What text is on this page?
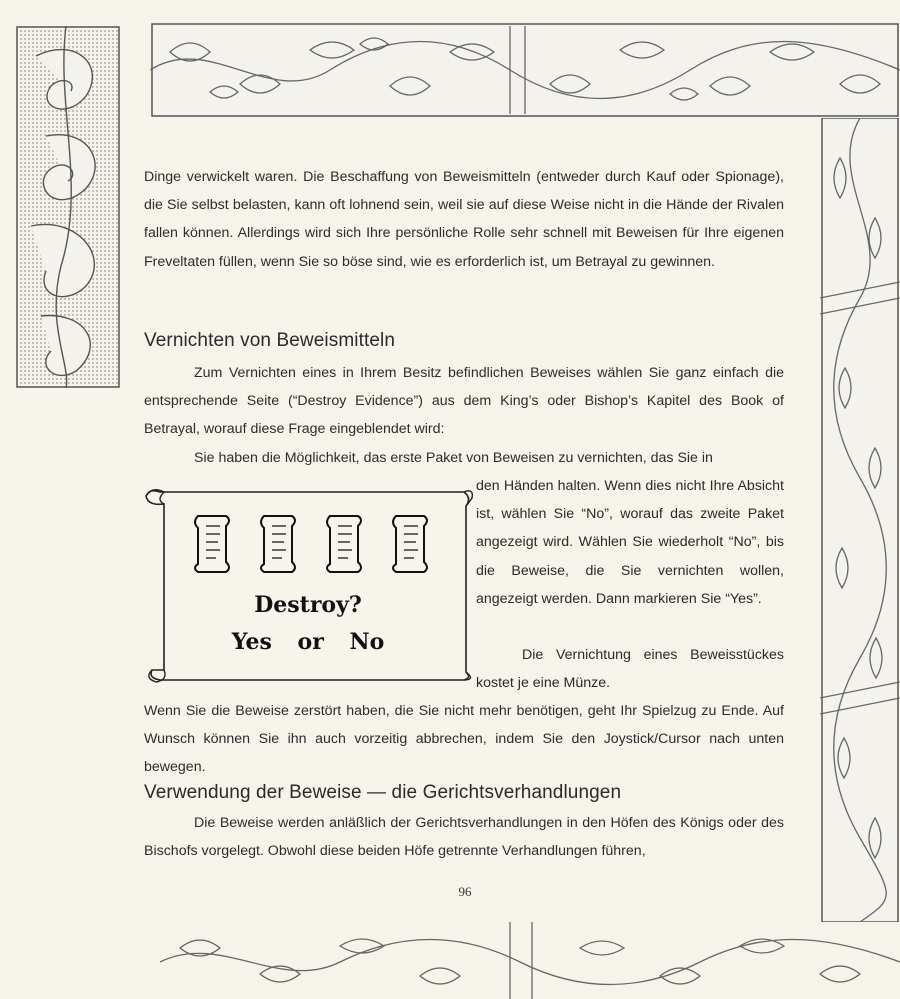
Dinge verwickelt waren. Die Beschaffung von Beweismitteln (entweder durch Kauf oder Spionage), die Sie selbst belasten, kann oft lohnend sein, weil sie auf diese Weise nicht in die Hände der Rivalen fallen können. Allerdings wird sich Ihre persönliche Rolle sehr schnell mit Beweisen für Ihre eigenen Freveltaten füllen, wenn Sie so böse sind, wie es erforderlich ist, um Betrayal zu gewinnen.

Vernichten von Beweismitteln

Zum Vernichten eines in Ihrem Besitz befindlichen Beweises wählen Sie ganz einfach die entsprechende Seite (“Destroy Evidence”) aus dem King’s oder Bishop’s Kapitel des Book of Betrayal, worauf diese Frage eingeblendet wird:

Sie haben die Möglichkeit, das erste Paket von Beweisen zu vernichten, das Sie in

Destroy?
Yes or No

den Händen halten. Wenn dies nicht Ihre Absicht ist, wählen Sie “No”, worauf das zweite Paket angezeigt wird. Wählen Sie wiederholt “No”, bis die Beweise, die Sie vernichten wollen, angezeigt werden. Dann markieren Sie “Yes”.

Die Vernichtung eines Beweisstückes kostet je eine Münze.

Wenn Sie die Beweise zerstört haben, die Sie nicht mehr benötigen, geht Ihr Spielzug zu Ende. Auf Wunsch können Sie ihn auch vorzeitig abbrechen, indem Sie den Joystick/Cursor nach unten bewegen.

Verwendung der Beweise — die Gerichtsverhandlungen

Die Beweise werden anläßlich der Gerichtsverhandlungen in den Höfen des Königs oder des Bischofs vorgelegt. Obwohl diese beiden Höfe getrennte Verhandlungen führen,

96
